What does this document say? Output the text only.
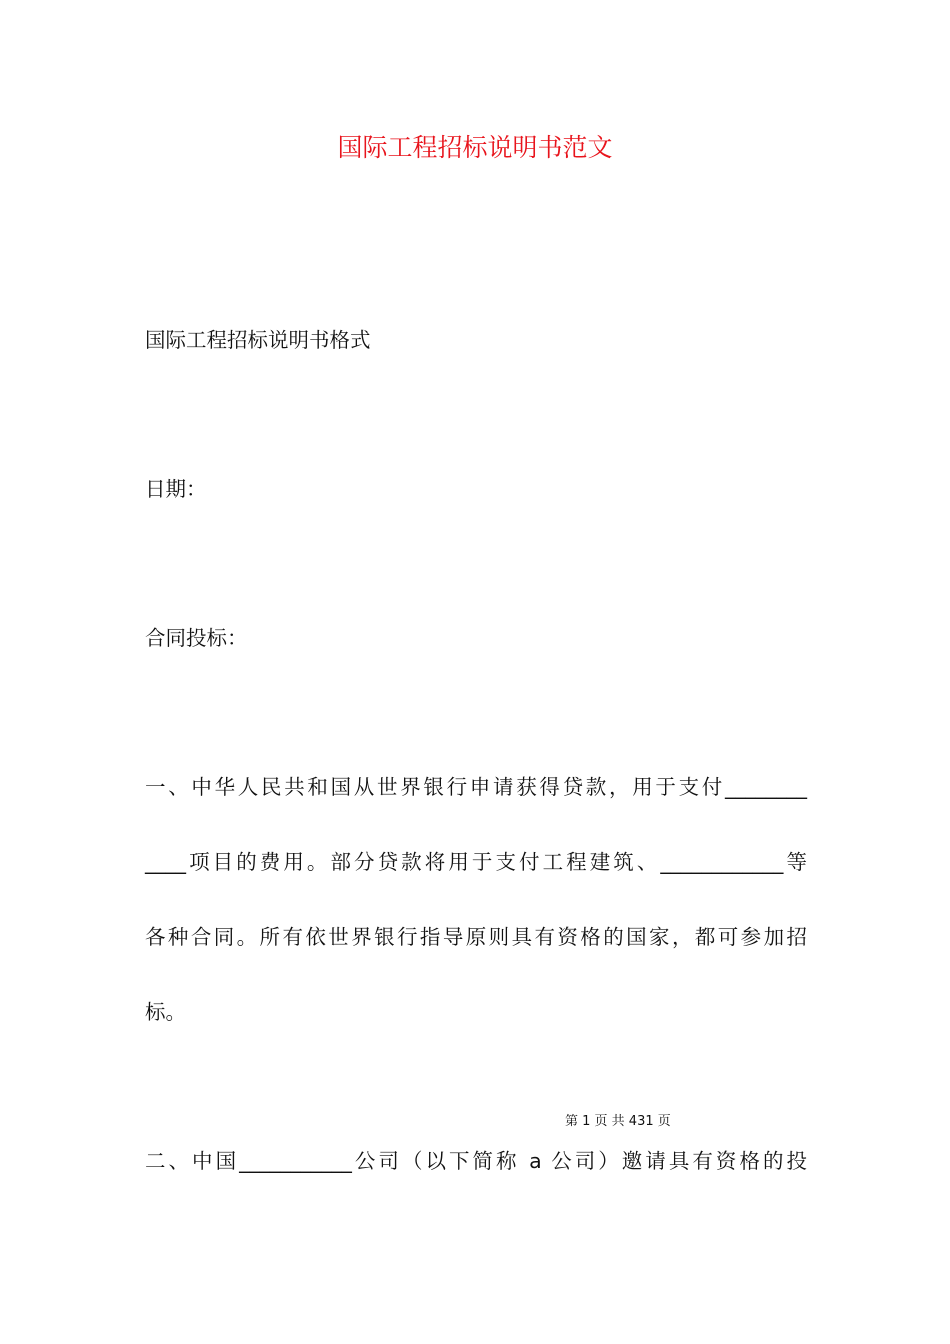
国际工程招标说明书范文

国际工程招标说明书格式

日期：

合同投标：

一、中华人民共和国从世界银行申请获得贷款，用于支付________

____项目的费用。部分贷款将用于支付工程建筑、____________等

各种合同。所有依世界银行指导原则具有资格的国家，都可参加招

标。

第 1 页 共 431 页

二、中国___________公司（以下简称 a 公司）邀请具有资格的投
